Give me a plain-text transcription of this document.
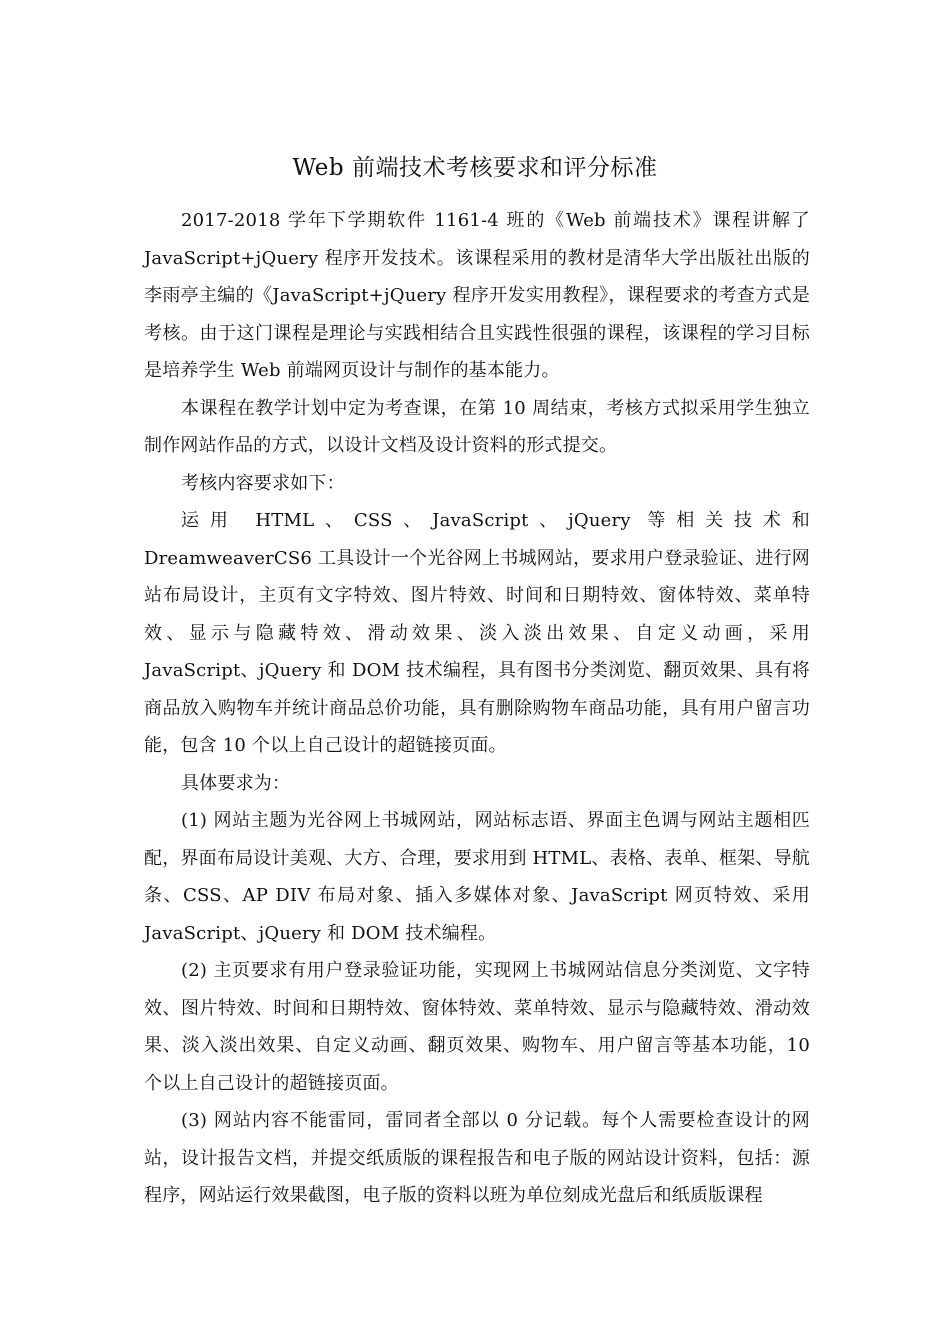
Web 前端技术考核要求和评分标准

2017-2018 学年下学期软件 1161-4 班的《Web 前端技术》课程讲解了JavaScript+jQuery 程序开发技术。该课程采用的教材是清华大学出版社出版的李雨亭主编的《JavaScript+jQuery 程序开发实用教程》，课程要求的考查方式是考核。由于这门课程是理论与实践相结合且实践性很强的课程，该课程的学习目标是培养学生 Web 前端网页设计与制作的基本能力。

本课程在教学计划中定为考查课，在第 10 周结束，考核方式拟采用学生独立制作网站作品的方式，以设计文档及设计资料的形式提交。

考核内容要求如下：

运用 HTML、CSS、JavaScript、jQuery 等相关技术和 DreamweaverCS6 工具设计一个光谷网上书城网站，要求用户登录验证、进行网站布局设计，主页有文字特效、图片特效、时间和日期特效、窗体特效、菜单特效、显示与隐藏特效、滑动效果、淡入淡出效果、自定义动画，采用 JavaScript、jQuery 和 DOM 技术编程，具有图书分类浏览、翻页效果、具有将商品放入购物车并统计商品总价功能，具有删除购物车商品功能，具有用户留言功能，包含 10 个以上自己设计的超链接页面。

具体要求为：

(1) 网站主题为光谷网上书城网站，网站标志语、界面主色调与网站主题相匹配，界面布局设计美观、大方、合理，要求用到 HTML、表格、表单、框架、导航条、CSS、AP DIV 布局对象、插入多媒体对象、JavaScript 网页特效、采用 JavaScript、jQuery 和 DOM 技术编程。

(2) 主页要求有用户登录验证功能，实现网上书城网站信息分类浏览、文字特效、图片特效、时间和日期特效、窗体特效、菜单特效、显示与隐藏特效、滑动效果、淡入淡出效果、自定义动画、翻页效果、购物车、用户留言等基本功能，10 个以上自己设计的超链接页面。

(3) 网站内容不能雷同，雷同者全部以 0 分记载。每个人需要检查设计的网站，设计报告文档，并提交纸质版的课程报告和电子版的网站设计资料，包括：源程序，网站运行效果截图，电子版的资料以班为单位刻成光盘后和纸质版课程
